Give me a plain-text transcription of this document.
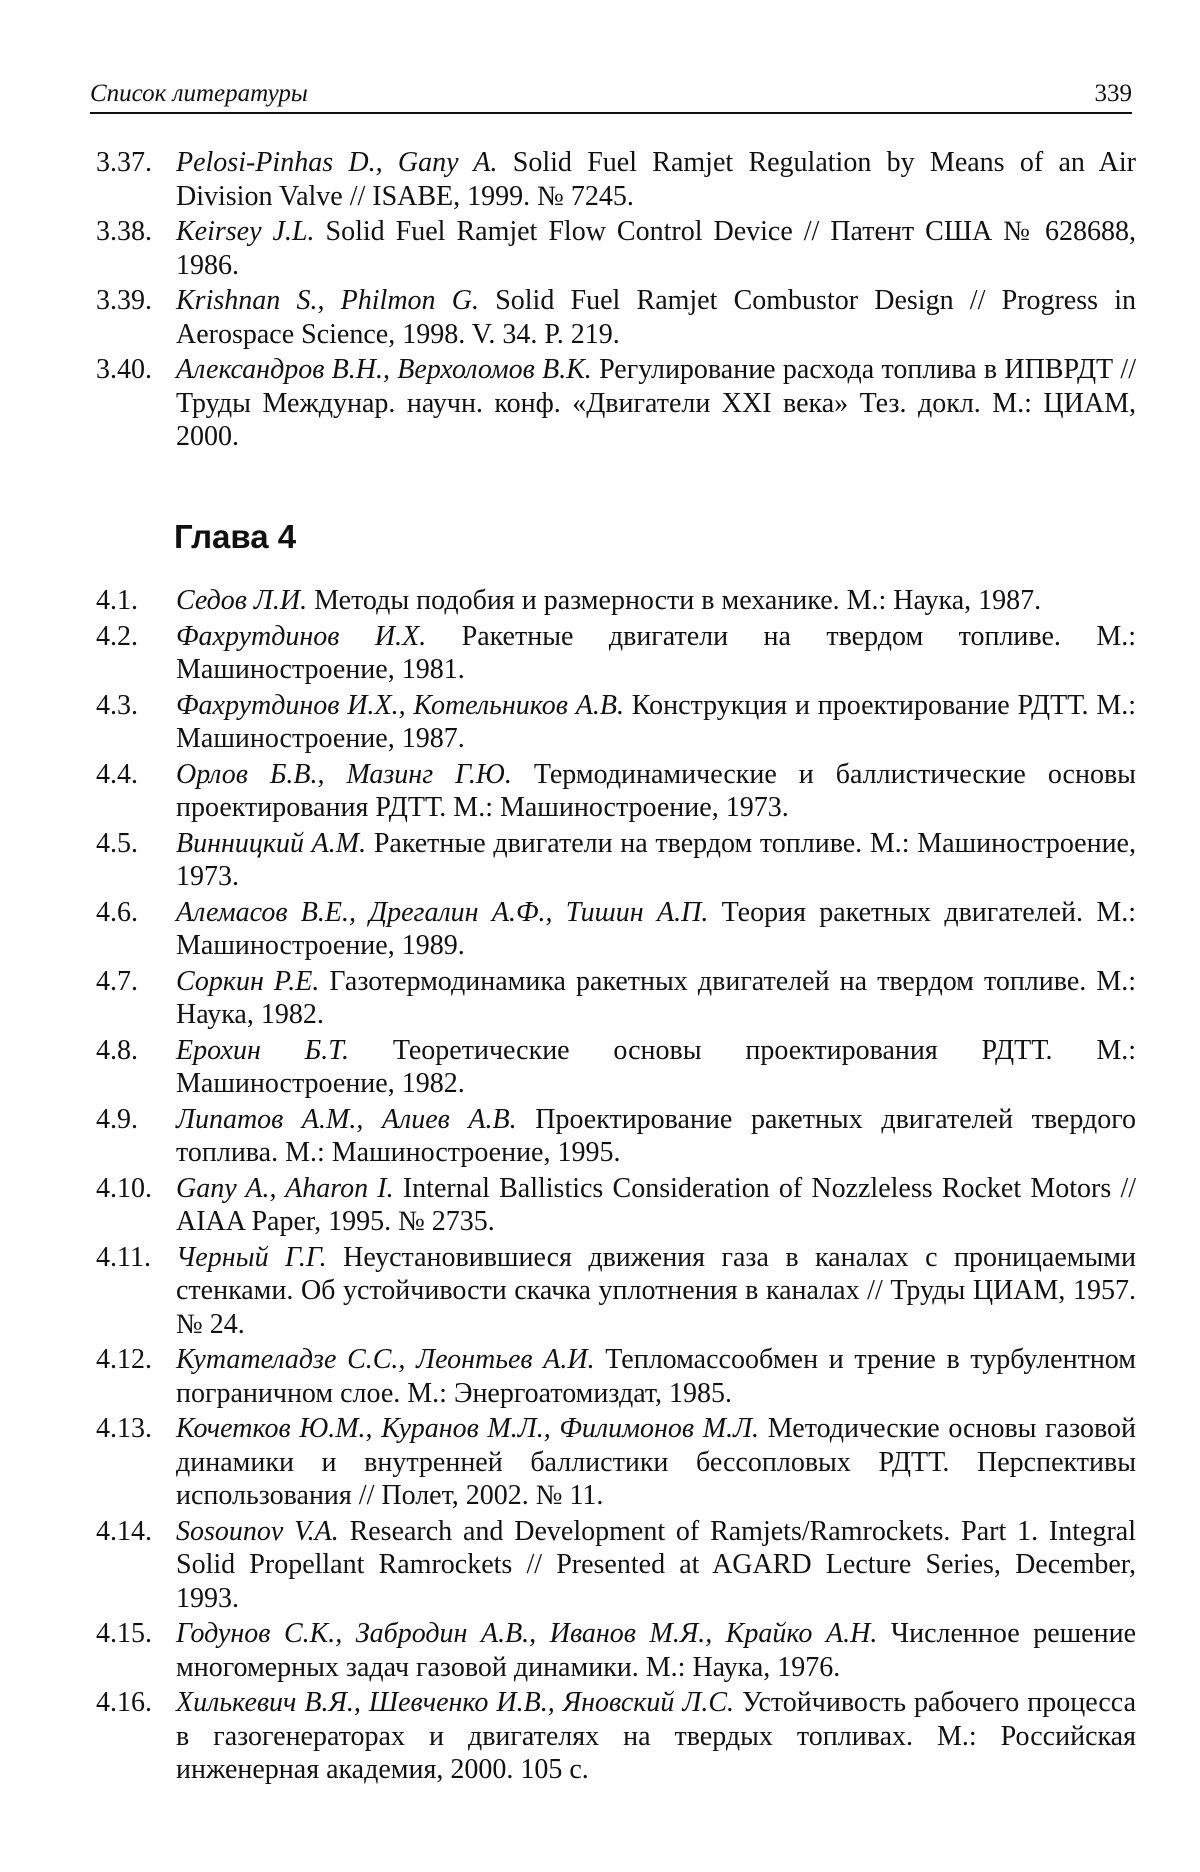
Список литературы	339
3.37. Pelosi-Pinhas D., Gany A. Solid Fuel Ramjet Regulation by Means of an Air Division Valve // ISABE, 1999. № 7245.
3.38. Keirsey J.L. Solid Fuel Ramjet Flow Control Device // Патент США № 628688, 1986.
3.39. Krishnan S., Philmon G. Solid Fuel Ramjet Combustor Design // Progress in Aerospace Science, 1998. V. 34. P. 219.
3.40. Александров В.Н., Верхоломов В.К. Регулирование расхода топлива в ИПВРДТ // Труды Междунар. научн. конф. «Двигатели XXI века» Тез. докл. М.: ЦИАМ, 2000.
Глава 4
4.1.	Седов Л.И. Методы подобия и размерности в механике. М.: Наука, 1987.
4.2.	Фахрутдинов И.Х. Ракетные двигатели на твердом топливе. М.: Машиностроение, 1981.
4.3.	Фахрутдинов И.Х., Котельников А.В. Конструкция и проектирование РДТТ. М.: Машиностроение, 1987.
4.4.	Орлов Б.В., Мазинг Г.Ю. Термодинамические и баллистические основы проектирования РДТТ. М.: Машиностроение, 1973.
4.5.	Винницкий А.М. Ракетные двигатели на твердом топливе. М.: Машиностроение, 1973.
4.6.	Алемасов В.Е., Дрегалин А.Ф., Тишин А.П. Теория ракетных двигателей. М.: Машиностроение, 1989.
4.7.	Соркин Р.Е. Газотермодинамика ракетных двигателей на твердом топливе. М.: Наука, 1982.
4.8.	Ерохин Б.Т. Теоретические основы проектирования РДТТ. М.: Машиностроение, 1982.
4.9.	Липатов А.М., Алиев А.В. Проектирование ракетных двигателей твердого топлива. М.: Машиностроение, 1995.
4.10. Gany A., Aharon I. Internal Ballistics Consideration of Nozzleless Rocket Motors // AIAA Paper, 1995. № 2735.
4.11. Черный Г.Г. Неустановившиеся движения газа в каналах с проницаемыми стенками. Об устойчивости скачка уплотнения в каналах // Труды ЦИАМ, 1957. № 24.
4.12. Кутателадзе С.С., Леонтьев А.И. Тепломассообмен и трение в турбулентном пограничном слое. М.: Энергоатомиздат, 1985.
4.13. Кочетков Ю.М., Куранов М.Л., Филимонов М.Л. Методические основы газовой динамики и внутренней баллистики бессопловых РДТТ. Перспективы использования // Полет, 2002. № 11.
4.14. Sosounov V.A. Research and Development of Ramjets/Ramrockets. Part 1. Integral Solid Propellant Ramrockets // Presented at AGARD Lecture Series, December, 1993.
4.15. Годунов С.К., Забродин А.В., Иванов М.Я., Крайко А.Н. Численное решение многомерных задач газовой динамики. М.: Наука, 1976.
4.16. Хилькевич В.Я., Шевченко И.В., Яновский Л.С. Устойчивость рабочего процесса в газогенераторах и двигателях на твердых топливах. М.: Российская инженерная академия, 2000. 105 с.
